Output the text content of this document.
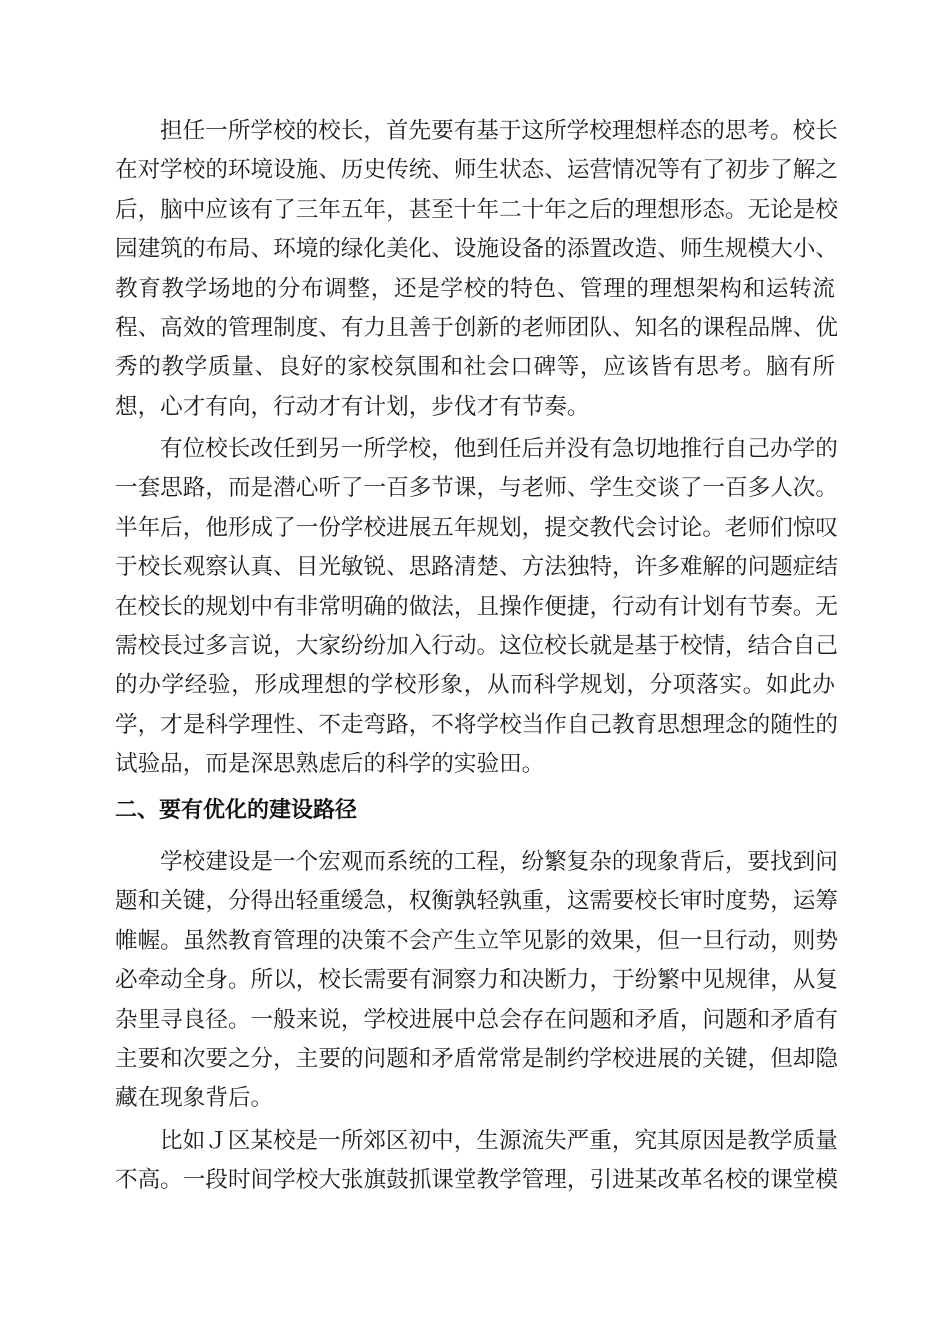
担任一所学校的校长，首先要有基于这所学校理想样态的思考。校长
在对学校的环境设施、历史传统、师生状态、运营情况等有了初步了解之
后，脑中应该有了三年五年，甚至十年二十年之后的理想形态。无论是校
园建筑的布局、环境的绿化美化、设施设备的添置改造、师生规模大小、
教育教学场地的分布调整，还是学校的特色、管理的理想架构和运转流
程、高效的管理制度、有力且善于创新的老师团队、知名的课程品牌、优
秀的教学质量、良好的家校氛围和社会口碑等，应该皆有思考。脑有所
想，心才有向，行动才有计划，步伐才有节奏。
有位校长改任到另一所学校，他到任后并没有急切地推行自己办学的
一套思路，而是潜心听了一百多节课，与老师、学生交谈了一百多人次。
半年后，他形成了一份学校进展五年规划，提交教代会讨论。老师们惊叹
于校长观察认真、目光敏锐、思路清楚、方法独特，许多难解的问题症结
在校长的规划中有非常明确的做法，且操作便捷，行动有计划有节奏。无
需校長过多言说，大家纷纷加入行动。这位校长就是基于校情，结合自己
的办学经验，形成理想的学校形象，从而科学规划，分项落实。如此办
学，才是科学理性、不走弯路，不将学校当作自己教育思想理念的随性的
试验品，而是深思熟虑后的科学的实验田。
二、要有优化的建设路径
学校建设是一个宏观而系统的工程，纷繁复杂的现象背后，要找到问
题和关键，分得出轻重缓急，权衡孰轻孰重，这需要校长审时度势，运筹
帷幄。虽然教育管理的决策不会产生立竿见影的效果，但一旦行动，则势
必牵动全身。所以，校长需要有洞察力和决断力，于纷繁中见规律，从复
杂里寻良径。一般来说，学校进展中总会存在问题和矛盾，问题和矛盾有
主要和次要之分，主要的问题和矛盾常常是制约学校进展的关键，但却隐
藏在现象背后。
比如Ｊ区某校是一所郊区初中，生源流失严重，究其原因是教学质量
不高。一段时间学校大张旗鼓抓课堂教学管理，引进某改革名校的课堂模
